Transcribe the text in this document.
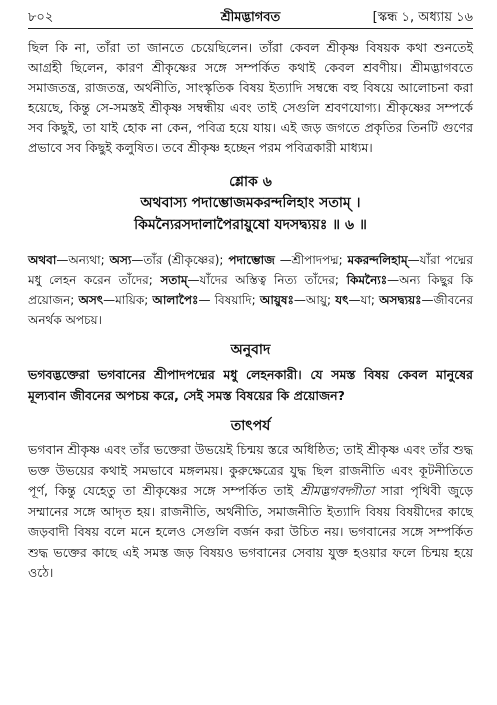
৮০২	শ্রীমদ্ভাগবত	[স্কন্ধ ১, অধ্যায় ১৬

ছিল কি না, তাঁরা তা জানতে চেয়েছিলেন। তাঁরা কেবল শ্রীকৃষ্ণ বিষয়ক কথা শুনতেই আগ্রহী ছিলেন, কারণ শ্রীকৃষ্ণের সঙ্গে সম্পর্কিত কথাই কেবল শ্রবণীয়। শ্রীমদ্ভাগবতে সমাজতন্ত্র, রাজতন্ত্র, অর্থনীতি, সাংস্কৃতিক বিষয় ইত্যাদি সম্বন্ধে বহু বিষয়ে আলোচনা করা হয়েছে, কিন্তু সে-সমস্তই শ্রীকৃষ্ণ সম্বন্ধীয় এবং তাই সেগুলি শ্রবণযোগ্য। শ্রীকৃষ্ণের সম্পর্কে সব কিছুই, তা যাই হোক না কেন, পবিত্র হয়ে যায়। এই জড় জগতে প্রকৃতির তিনটি গুণের প্রভাবে সব কিছুই কলুষিত। তবে শ্রীকৃষ্ণ হচ্ছেন পরম পবিত্রকারী মাধ্যম।

শ্লোক ৬
অথবাস্য পদাম্ভোজমকরন্দলিহাং সতাম্ ।
কিমন্যৈরসদালাপৈরায়ুষো যদসদ্ব্যয়ঃ ॥ ৬ ॥
অথবা—অন্যথা; অস্য—তাঁর (শ্রীকৃষ্ণের); পদাম্ভোজ —শ্রীপাদপদ্ম; মকরন্দলিহাম্—যাঁরা পদ্মের মধু লেহন করেন তাঁদের; সতাম্—যাঁদের অস্তিত্ব নিত্য তাঁদের; কিমন্যৈঃ—অন্য কিছুর কি প্রয়োজন; অসৎ—মায়িক; আলাপৈঃ— বিষয়াদি; আয়ুষঃ—আয়ু; যৎ—যা; অসদ্ব্যয়ঃ—জীবনের অনর্থক অপচয়।
অনুবাদ
ভগবদ্ভক্তেরা ভগবানের শ্রীপাদপদ্মের মধু লেহনকারী। যে সমস্ত বিষয় কেবল মানুষের মূল্যবান জীবনের অপচয় করে, সেই সমস্ত বিষয়ের কি প্রয়োজন?
তাৎপর্য
ভগবান শ্রীকৃষ্ণ এবং তাঁর ভক্তেরা উভয়েই চিন্ময় স্তরে অধিষ্ঠিত; তাই শ্রীকৃষ্ণ এবং তাঁর শুদ্ধ ভক্ত উভয়ের কথাই সমভাবে মঙ্গলময়। কুরুক্ষেত্রের যুদ্ধ ছিল রাজনীতি এবং কূটনীতিতে পূর্ণ, কিন্তু যেহেতু তা শ্রীকৃষ্ণের সঙ্গে সম্পর্কিত তাই শ্রীমদ্ভগবদ্গীতা সারা পৃথিবী জুড়ে সম্মানের সঙ্গে আদৃত হয়। রাজনীতি, অর্থনীতি, সমাজনীতি ইত্যাদি বিষয় বিষয়ীদের কাছে জড়বাদী বিষয় বলে মনে হলেও সেগুলি বর্জন করা উচিত নয়। ভগবানের সঙ্গে সম্পর্কিত শুদ্ধ ভক্তের কাছে এই সমস্ত জড় বিষয়ও ভগবানের সেবায় যুক্ত হওয়ার ফলে চিন্ময় হয়ে ওঠে।
